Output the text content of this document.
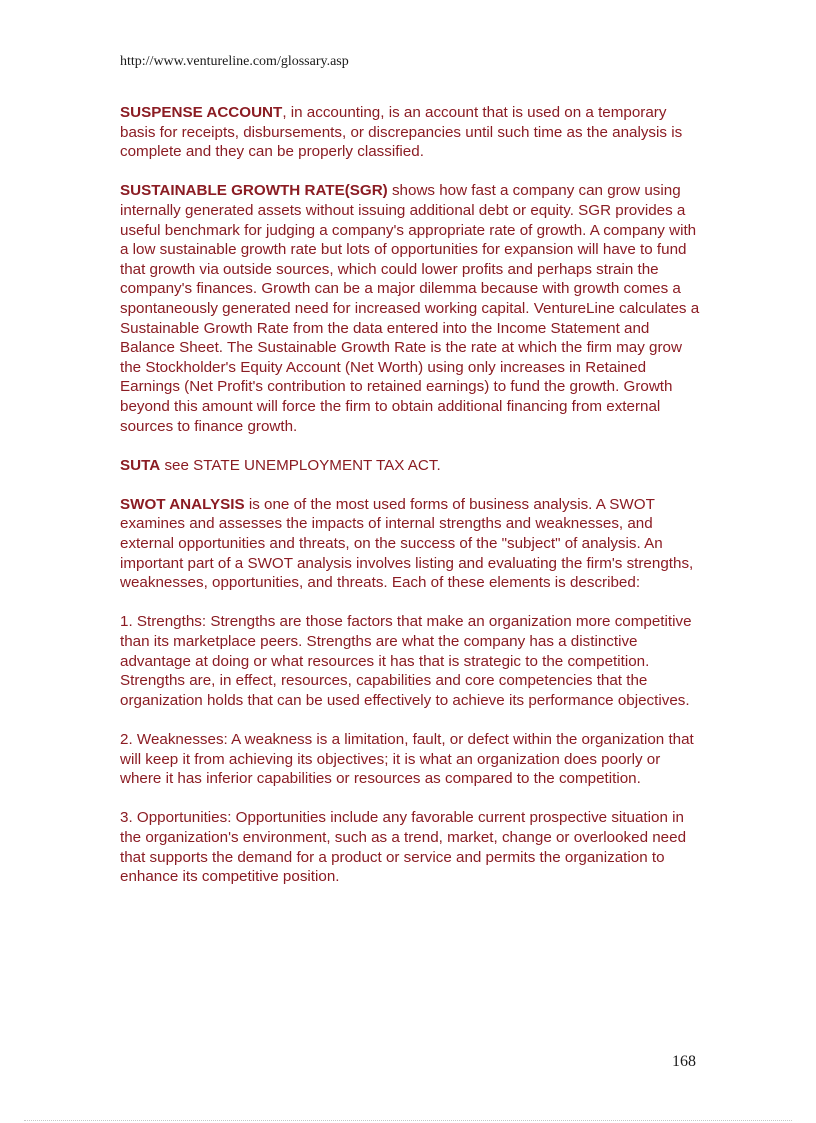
http://www.ventureline.com/glossary.asp

SUSPENSE ACCOUNT, in accounting, is an account that is used on a temporary basis for receipts, disbursements, or discrepancies until such time as the analysis is complete and they can be properly classified.

SUSTAINABLE GROWTH RATE(SGR) shows how fast a company can grow using internally generated assets without issuing additional debt or equity. SGR provides a useful benchmark for judging a company's appropriate rate of growth. A company with a low sustainable growth rate but lots of opportunities for expansion will have to fund that growth via outside sources, which could lower profits and perhaps strain the company's finances. Growth can be a major dilemma because with growth comes a spontaneously generated need for increased working capital. VentureLine calculates a Sustainable Growth Rate from the data entered into the Income Statement and Balance Sheet. The Sustainable Growth Rate is the rate at which the firm may grow the Stockholder's Equity Account (Net Worth) using only increases in Retained Earnings (Net Profit's contribution to retained earnings) to fund the growth. Growth beyond this amount will force the firm to obtain additional financing from external sources to finance growth.

SUTA see STATE UNEMPLOYMENT TAX ACT.

SWOT ANALYSIS is one of the most used forms of business analysis. A SWOT examines and assesses the impacts of internal strengths and weaknesses, and external opportunities and threats, on the success of the "subject" of analysis. An important part of a SWOT analysis involves listing and evaluating the firm's strengths, weaknesses, opportunities, and threats. Each of these elements is described:

1. Strengths: Strengths are those factors that make an organization more competitive than its marketplace peers. Strengths are what the company has a distinctive advantage at doing or what resources it has that is strategic to the competition. Strengths are, in effect, resources, capabilities and core competencies that the organization holds that can be used effectively to achieve its performance objectives.

2. Weaknesses: A weakness is a limitation, fault, or defect within the organization that will keep it from achieving its objectives; it is what an organization does poorly or where it has inferior capabilities or resources as compared to the competition.

3. Opportunities: Opportunities include any favorable current prospective situation in the organization's environment, such as a trend, market, change or overlooked need that supports the demand for a product or service and permits the organization to enhance its competitive position.

168
